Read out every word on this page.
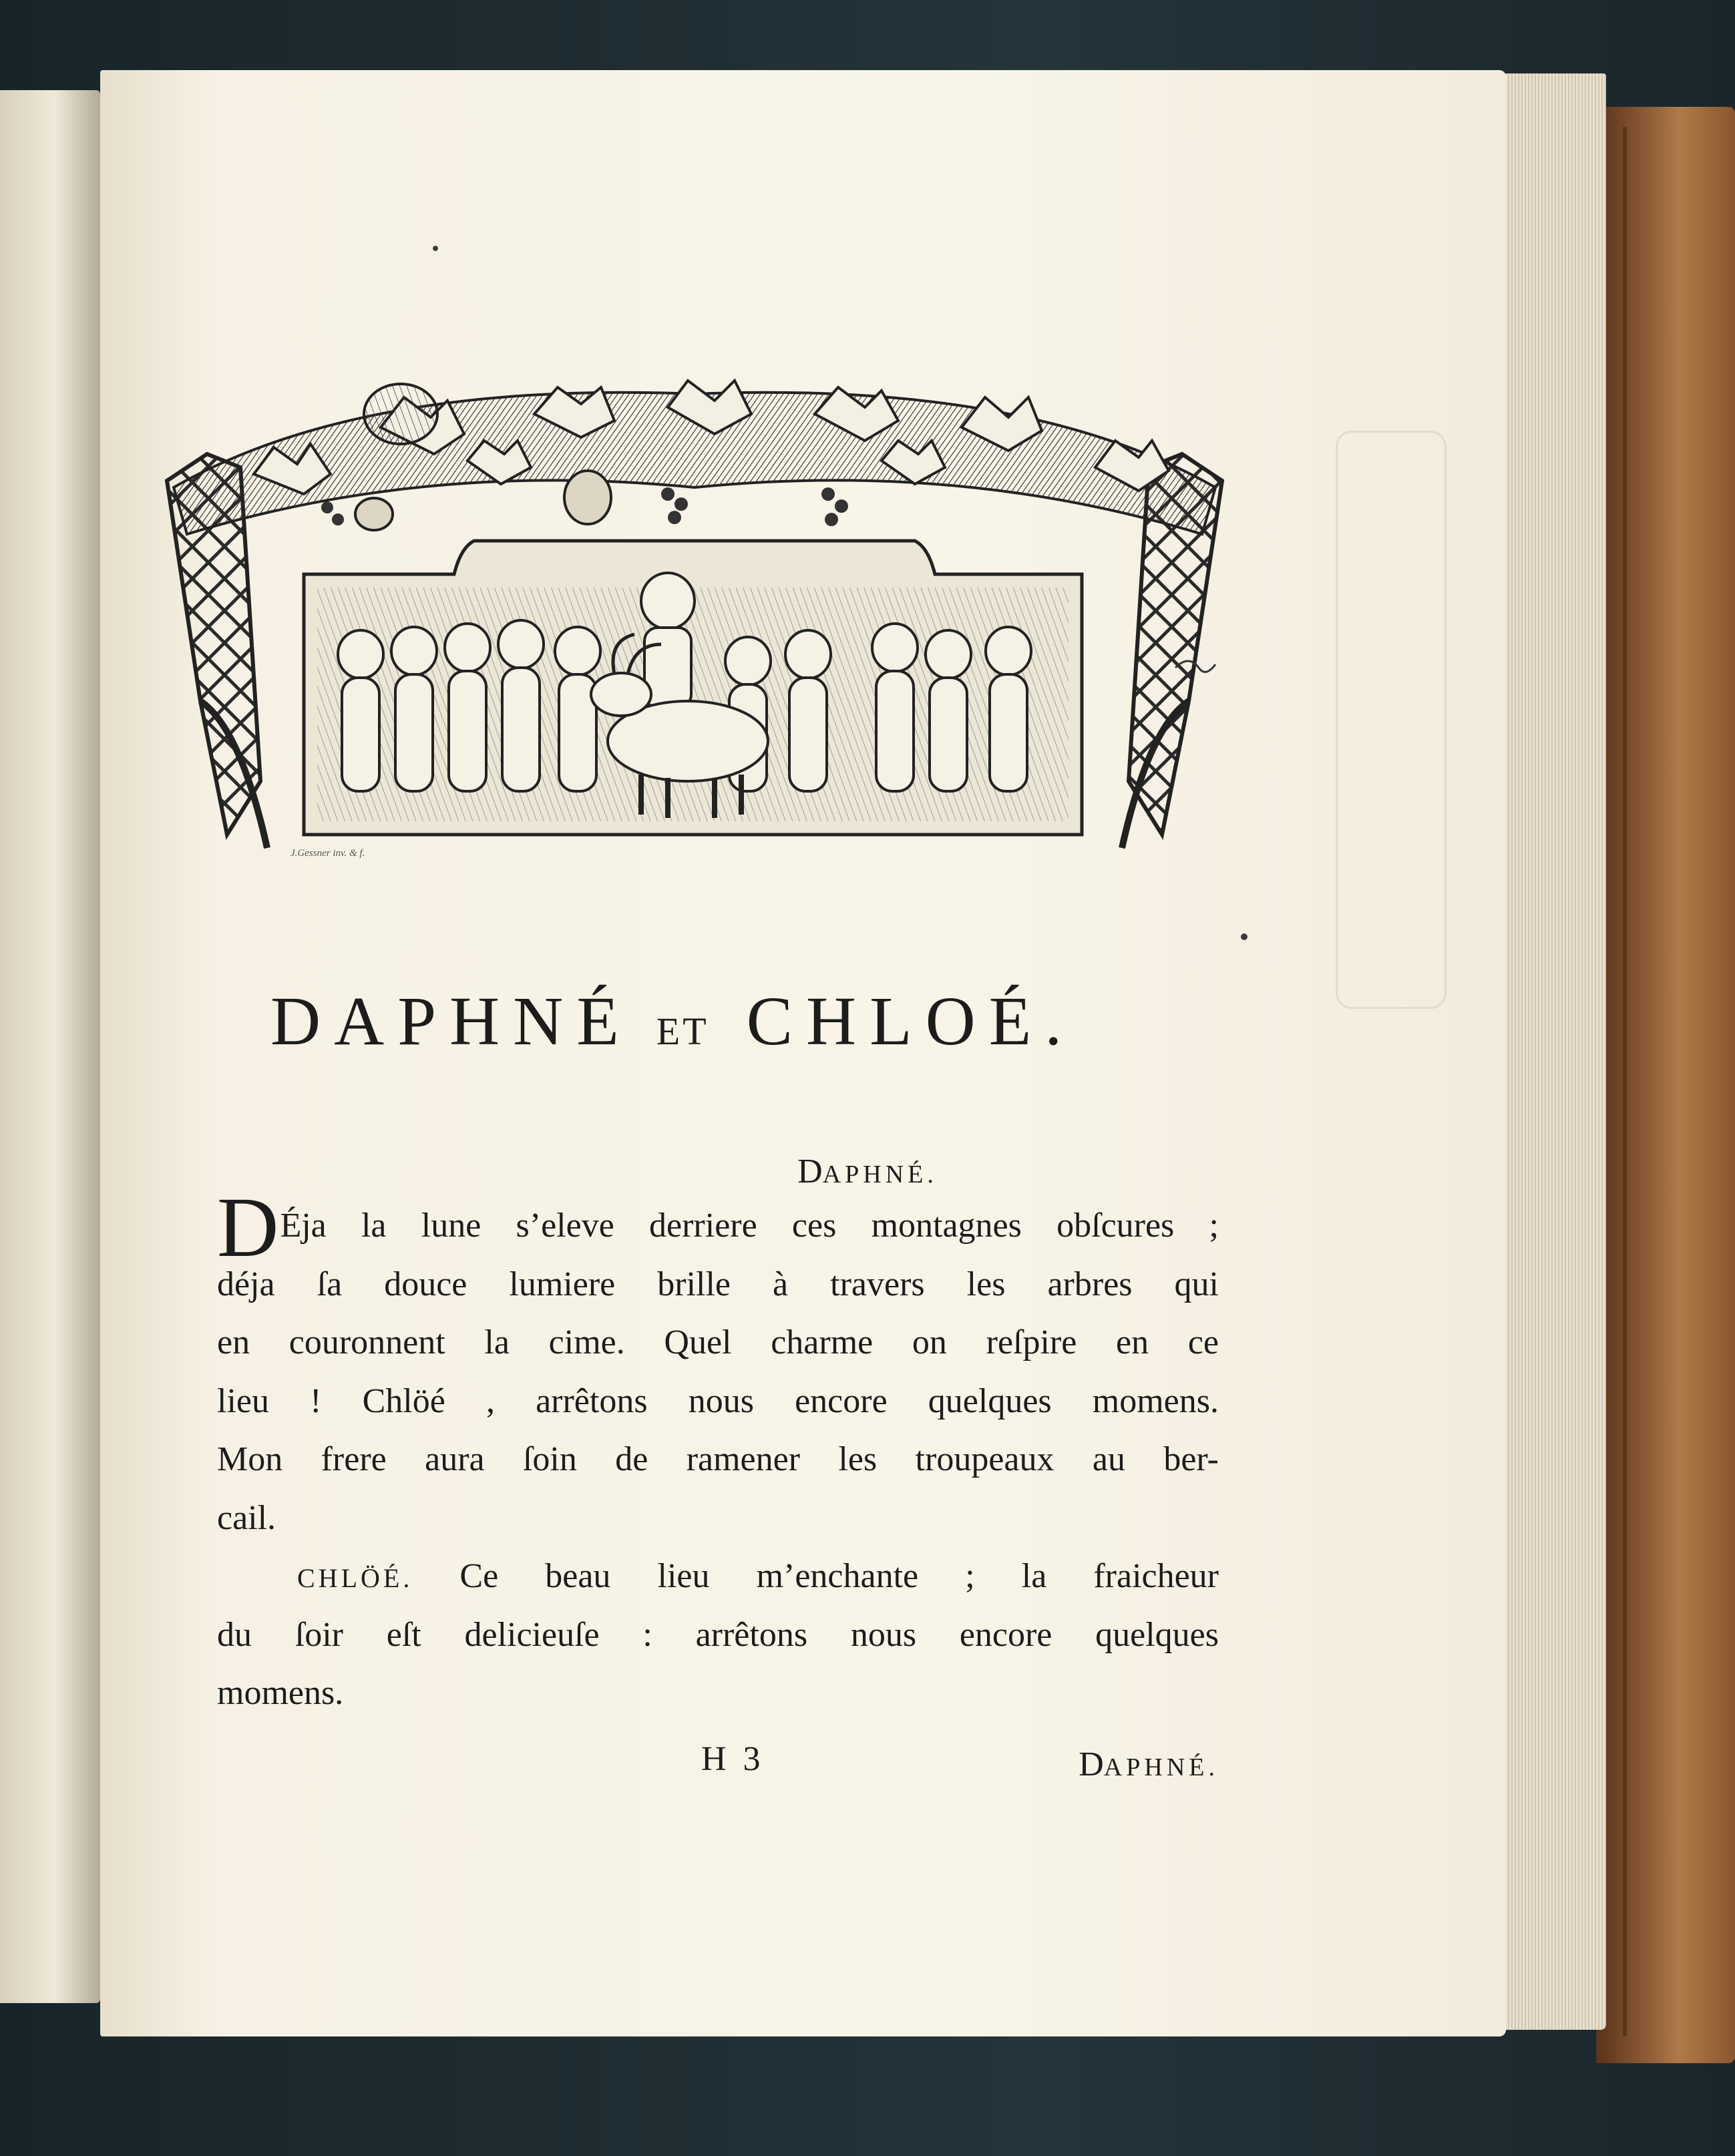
J.Gessner inv. & f.
DAPHNÉ ET CHLOÉ.
DAPHNÉ.
DÉja la lune s’eleve derriere ces montagnes obſcures ;
déja ſa douce lumiere brille à travers les arbres qui
en couronnent la cime. Quel charme on reſpire en ce
lieu ! Chlöé , arrêtons nous encore quelques momens.
Mon frere aura ſoin de ramener les troupeaux au ber-
cail.
CHLÖÉ. Ce beau lieu m’enchante ; la fraicheur
du ſoir eſt delicieuſe : arrêtons nous encore quelques
momens.
H 3	DAPHNÉ.
